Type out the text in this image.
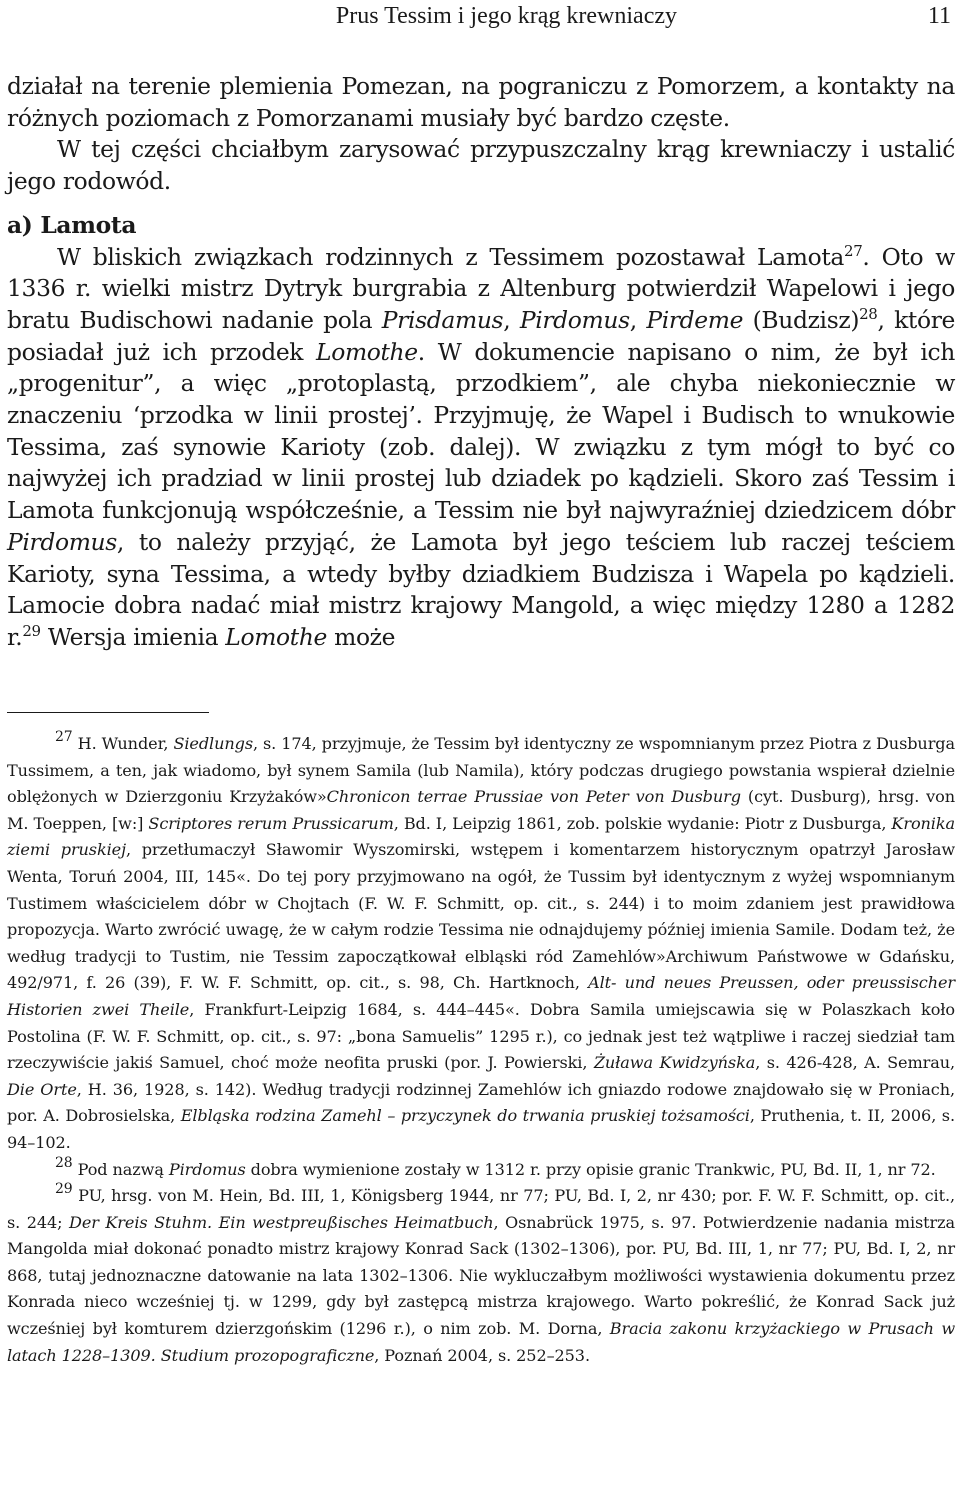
Prus Tessim i jego krąg krewniaczy	11

działał na terenie plemienia Pomezan, na pograniczu z Pomorzem, a kontakty na różnych poziomach z Pomorzanami musiały być bardzo częste.

W tej części chciałbym zarysować przypuszczalny krąg krewniaczy i ustalić jego rodowód.

a) Lamota

W bliskich związkach rodzinnych z Tessimem pozostawał Lamota$^{27}$. Oto w 1336 r. wielki mistrz Dytryk burgrabia z Altenburg potwierdził Wapelowi i jego bratu Budischowi nadanie pola Prisdamus, Pirdomus, Pirdeme (Budzisz)$^{28}$, które posiadał już ich przodek Lomothe. W dokumencie napisano o nim, że był ich „progenitur”, a więc „protoplastą, przodkiem”, ale chyba niekoniecznie w znaczeniu ‘przodka w linii prostej’. Przyjmuję, że Wapel i Budisch to wnukowie Tessima, zaś synowie Karioty (zob. dalej). W związku z tym mógł to być co najwyżej ich pradziad w linii prostej lub dziadek po kądzieli. Skoro zaś Tessim i Lamota funkcjonują współcześnie, a Tessim nie był najwyraźniej dziedzicem dóbr Pirdomus, to należy przyjąć, że Lamota był jego teściem lub raczej teściem Karioty, syna Tessima, a wtedy byłby dziadkiem Budzisza i Wapela po kądzieli. Lamocie dobra nadać miał mistrz krajowy Mangold, a więc między 1280 a 1282 r.$^{29}$ Wersja imienia Lomothe może

$^{27}$ H. Wunder, Siedlungs, s. 174, przyjmuje, że Tessim był identyczny ze wspomnianym przez Piotra z Dusburga Tussimem, a ten, jak wiadomo, był synem Samila (lub Namila), który podczas drugiego powstania wspierał dzielnie oblężonych w Dzierzgoniu Krzyżaków»Chronicon terrae Prussiae von Peter von Dusburg (cyt. Dusburg), hrsg. von M. Toeppen, [w:] Scriptores rerum Prussicarum, Bd. I, Leipzig 1861, zob. polskie wydanie: Piotr z Dusburga, Kronika ziemi pruskiej, przetłumaczył Sławomir Wyszomirski, wstępem i komentarzem historycznym opatrzył Jarosław Wenta, Toruń 2004, III, 145«. Do tej pory przyjmowano na ogół, że Tussim był identycznym z wyżej wspomnianym Tustimem właścicielem dóbr w Chojtach (F. W. F. Schmitt, op. cit., s. 244) i to moim zdaniem jest prawidłowa propozycja. Warto zwrócić uwagę, że w całym rodzie Tessima nie odnajdujemy później imienia Samile. Dodam też, że według tradycji to Tustim, nie Tessim zapoczątkował elbląski ród Zamehlów»Archiwum Państwowe w Gdańsku, 492/971, f. 26 (39), F. W. F. Schmitt, op. cit., s. 98, Ch. Hartknoch, Alt- und neues Preussen, oder preussischer Historien zwei Theile, Frankfurt-Leipzig 1684, s. 444–445«. Dobra Samila umiejscawia się w Polaszkach koło Postolina (F. W. F. Schmitt, op. cit., s. 97: „bona Samuelis” 1295 r.), co jednak jest też wątpliwe i raczej siedział tam rzeczywiście jakiś Samuel, choć może neofita pruski (por. J. Powierski, Żuława Kwidzyńska, s. 426-428, A. Semrau, Die Orte, H. 36, 1928, s. 142). Według tradycji rodzinnej Zamehlów ich gniazdo rodowe znajdowało się w Proniach, por. A. Dobrosielska, Elbląska rodzina Zamehl – przyczynek do trwania pruskiej tożsamości, Pruthenia, t. II, 2006, s. 94–102.

$^{28}$ Pod nazwą Pirdomus dobra wymienione zostały w 1312 r. przy opisie granic Trankwic, PU, Bd. II, 1, nr 72.

$^{29}$ PU, hrsg. von M. Hein, Bd. III, 1, Königsberg 1944, nr 77; PU, Bd. I, 2, nr 430; por. F. W. F. Schmitt, op. cit., s. 244; Der Kreis Stuhm. Ein westpreußisches Heimatbuch, Osnabrück 1975, s. 97. Potwierdzenie nadania mistrza Mangolda miał dokonać ponadto mistrz krajowy Konrad Sack (1302–1306), por. PU, Bd. III, 1, nr 77; PU, Bd. I, 2, nr 868, tutaj jednoznaczne datowanie na lata 1302–1306. Nie wykluczałbym możliwości wystawienia dokumentu przez Konrada nieco wcześniej tj. w 1299, gdy był zastępcą mistrza krajowego. Warto pokreślić, że Konrad Sack już wcześniej był komturem dzierzgońskim (1296 r.), o nim zob. M. Dorna, Bracia zakonu krzyżackiego w Prusach w latach 1228–1309. Studium prozopograficzne, Poznań 2004, s. 252–253.
